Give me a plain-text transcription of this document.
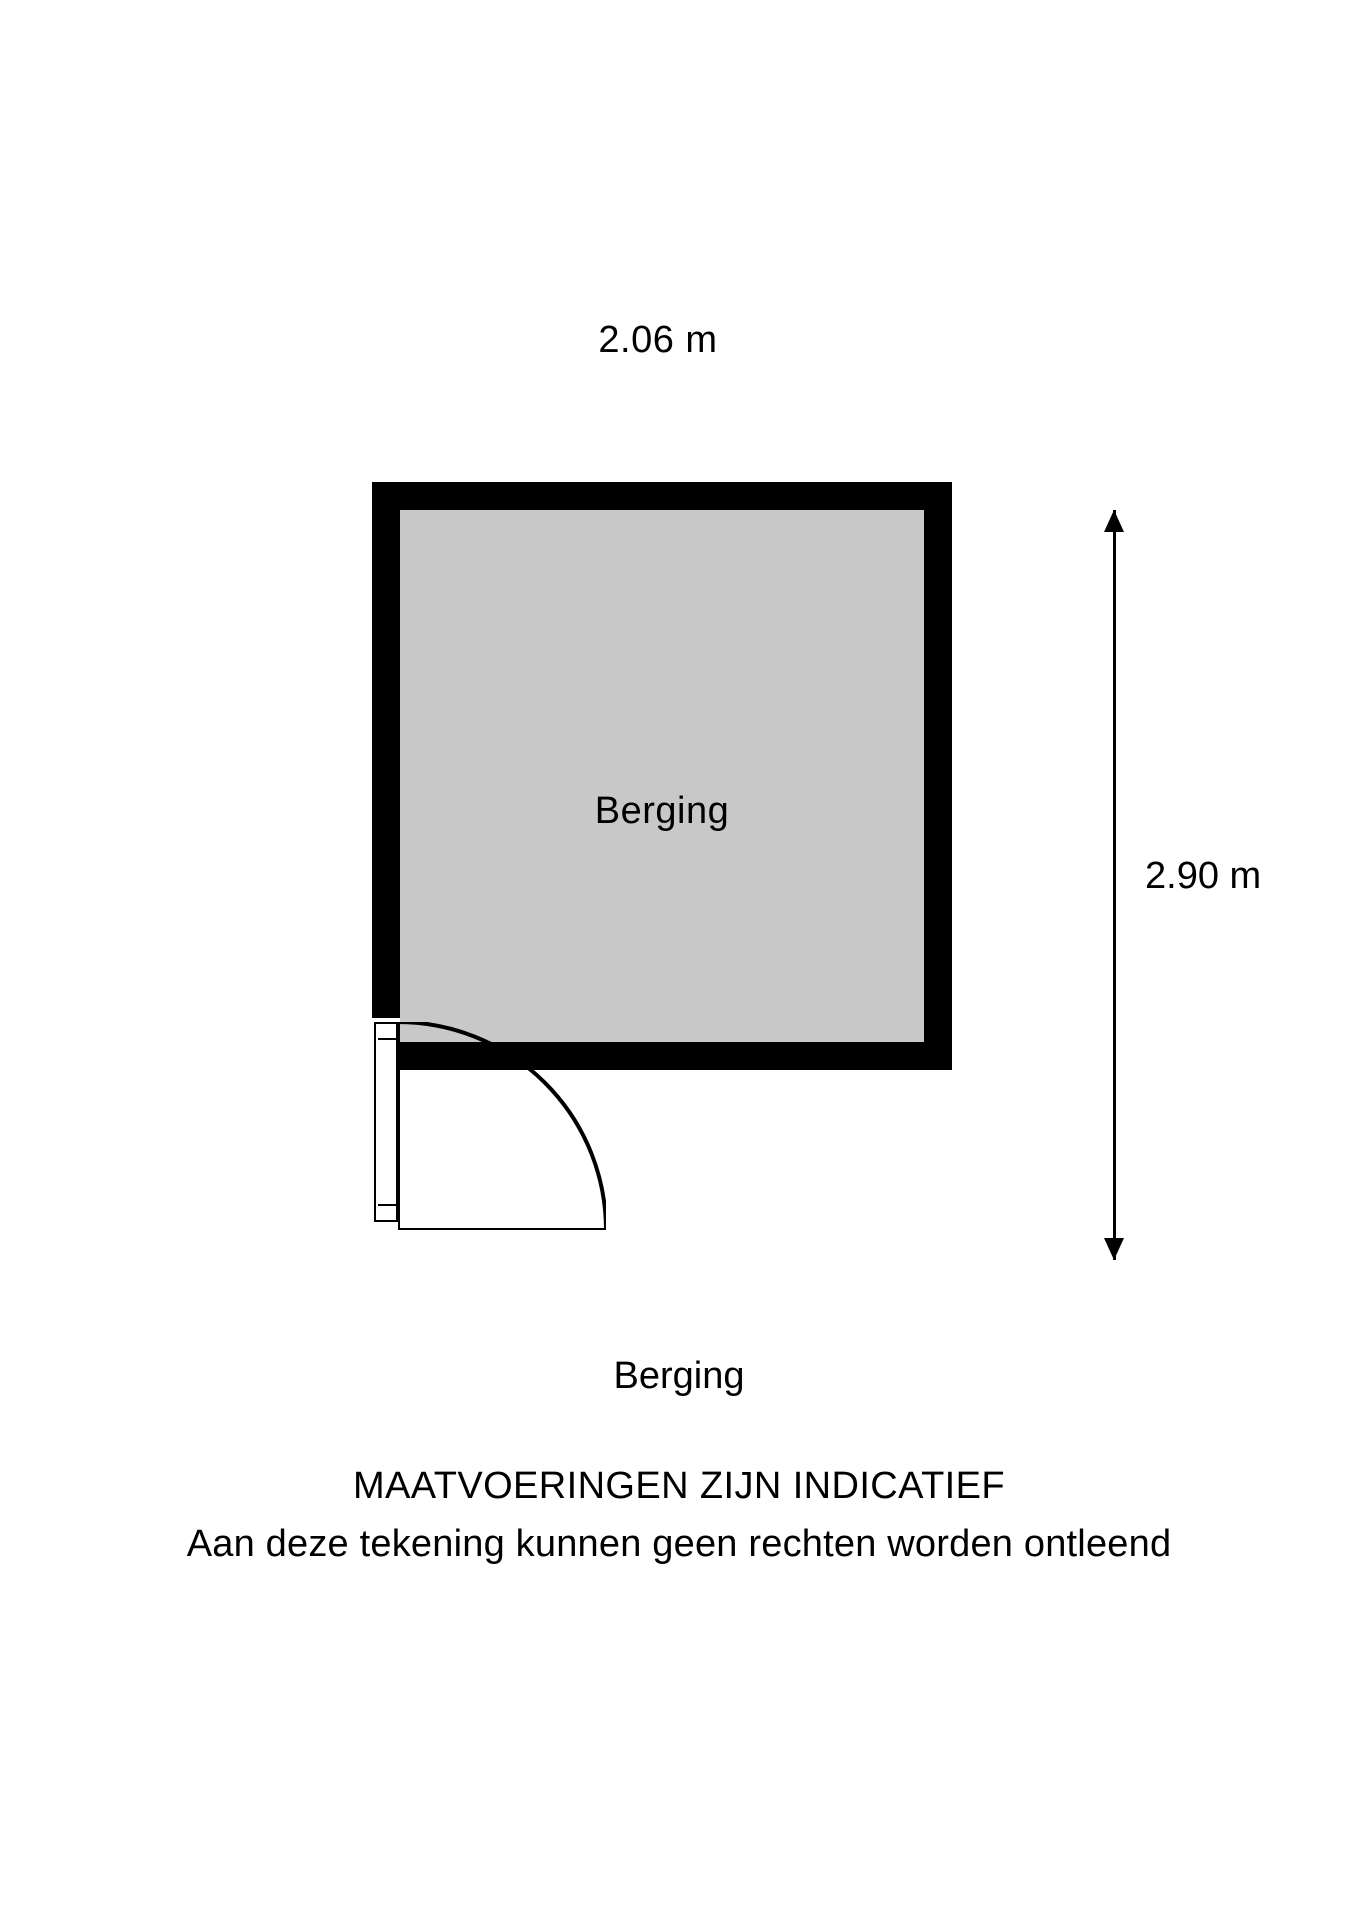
2.06 m
2.90 m
Berging
Berging
MAATVOERINGEN ZIJN INDICATIEF
Aan deze tekening kunnen geen rechten worden ontleend
